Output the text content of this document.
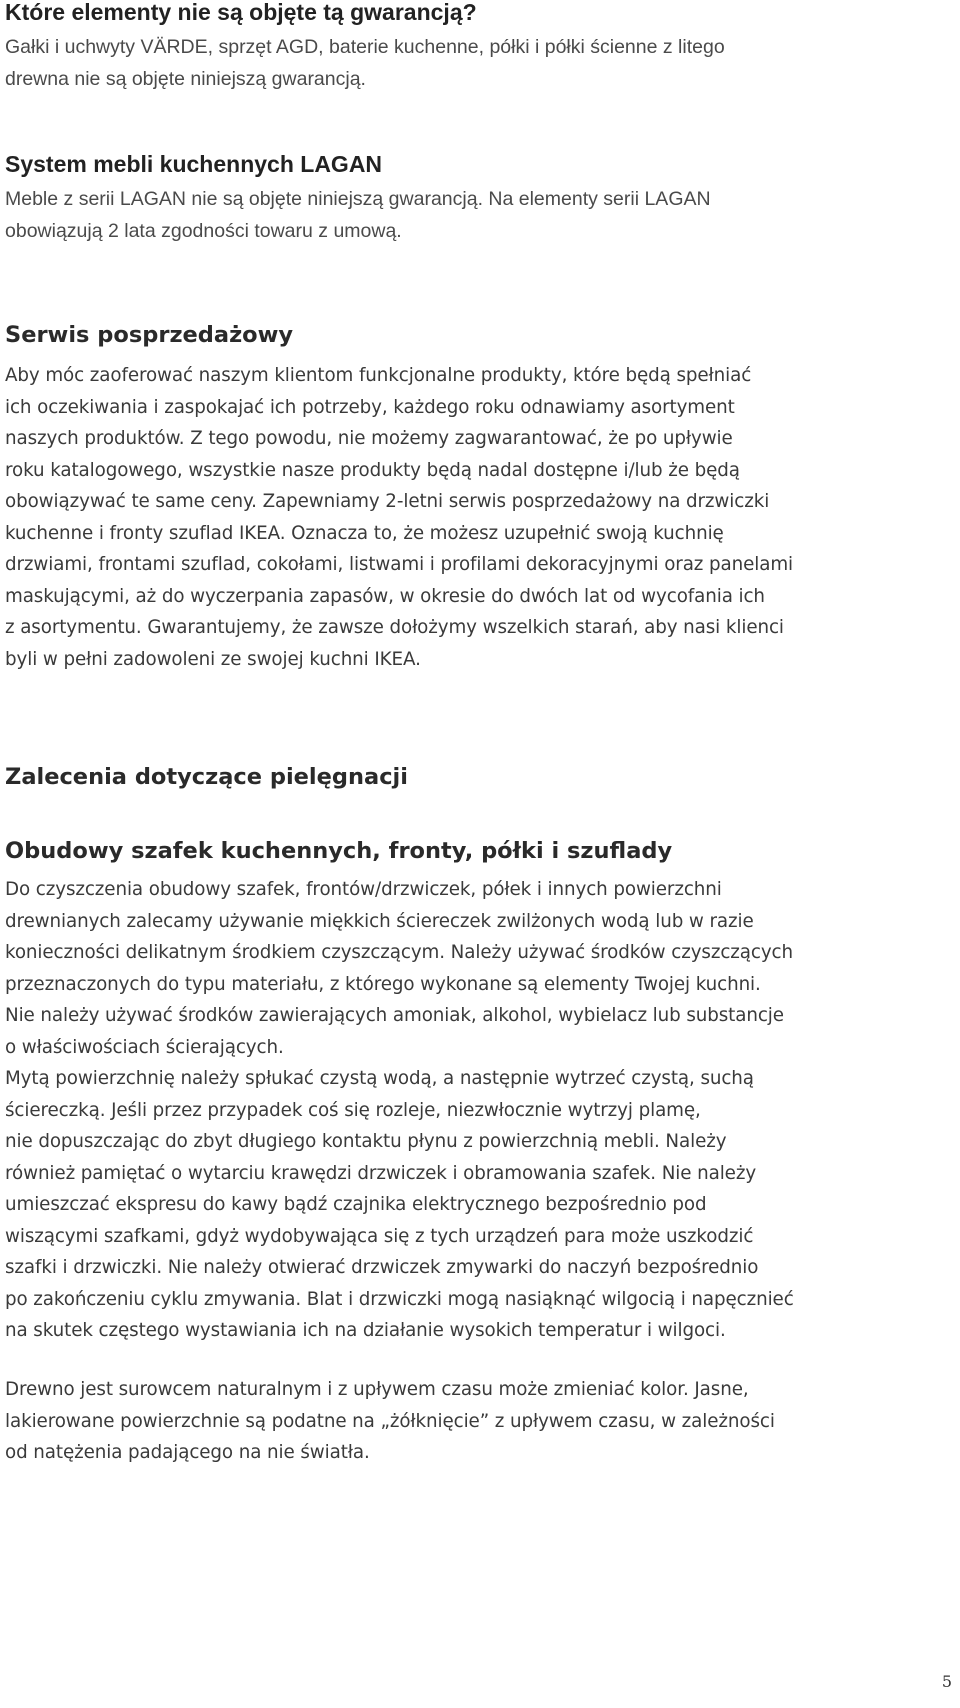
Które elementy nie są objęte tą gwarancją?

Gałki i uchwyty VÄRDE, sprzęt AGD, baterie kuchenne, półki i półki ścienne z litego
drewna nie są objęte niniejszą gwarancją.

System mebli kuchennych LAGAN

Meble z serii LAGAN nie są objęte niniejszą gwarancją. Na elementy serii LAGAN
obowiązują 2 lata zgodności towaru z umową.

Serwis posprzedażowy

Aby móc zaoferować naszym klientom funkcjonalne produkty, które będą spełniać
ich oczekiwania i zaspokajać ich potrzeby, każdego roku odnawiamy asortyment
naszych produktów. Z tego powodu, nie możemy zagwarantować, że po upływie
roku katalogowego, wszystkie nasze produkty będą nadal dostępne i/lub że będą
obowiązywać te same ceny. Zapewniamy 2-letni serwis posprzedażowy na drzwiczki
kuchenne i fronty szuflad IKEA. Oznacza to, że możesz uzupełnić swoją kuchnię
drzwiami, frontami szuflad, cokołami, listwami i profilami dekoracyjnymi oraz panelami
maskującymi, aż do wyczerpania zapasów, w okresie do dwóch lat od wycofania ich
z asortymentu. Gwarantujemy, że zawsze dołożymy wszelkich starań, aby nasi klienci
byli w pełni zadowoleni ze swojej kuchni IKEA.

Zalecenia dotyczące pielęgnacji
Obudowy szafek kuchennych, fronty, półki i szuflady

Do czyszczenia obudowy szafek, frontów/drzwiczek, półek i innych powierzchni
drewnianych zalecamy używanie miękkich ściereczek zwilżonych wodą lub w razie
konieczności delikatnym środkiem czyszczącym. Należy używać środków czyszczących
przeznaczonych do typu materiału, z którego wykonane są elementy Twojej kuchni.
Nie należy używać środków zawierających amoniak, alkohol, wybielacz lub substancje
o właściwościach ścierających.
Mytą powierzchnię należy spłukać czystą wodą, a następnie wytrzeć czystą, suchą
ściereczką. Jeśli przez przypadek coś się rozleje, niezwłocznie wytrzyj plamę,
nie dopuszczając do zbyt długiego kontaktu płynu z powierzchnią mebli. Należy
również pamiętać o wytarciu krawędzi drzwiczek i obramowania szafek. Nie należy
umieszczać ekspresu do kawy bądź czajnika elektrycznego bezpośrednio pod
wiszącymi szafkami, gdyż wydobywająca się z tych urządzeń para może uszkodzić
szafki i drzwiczki. Nie należy otwierać drzwiczek zmywarki do naczyń bezpośrednio
po zakończeniu cyklu zmywania. Blat i drzwiczki mogą nasiąknąć wilgocią i napęcznieć
na skutek częstego wystawiania ich na działanie wysokich temperatur i wilgoci.

Drewno jest surowcem naturalnym i z upływem czasu może zmieniać kolor. Jasne,
lakierowane powierzchnie są podatne na „żółknięcie” z upływem czasu, w zależności
od natężenia padającego na nie światła.

5
